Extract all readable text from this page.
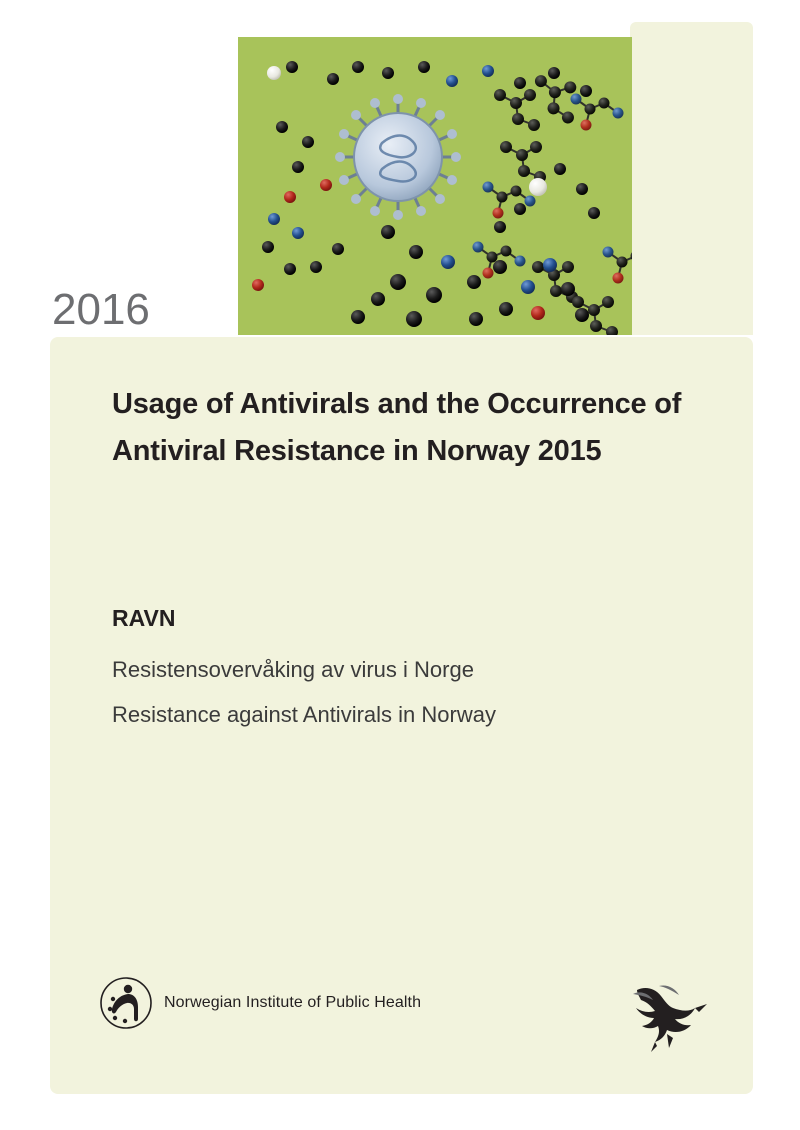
2016
Usage of Antivirals and the Occurrence of Antiviral Resistance in Norway 2015
RAVN
Resistensovervåking av virus i Norge
Resistance against Antivirals in Norway
Norwegian Institute of Public Health
